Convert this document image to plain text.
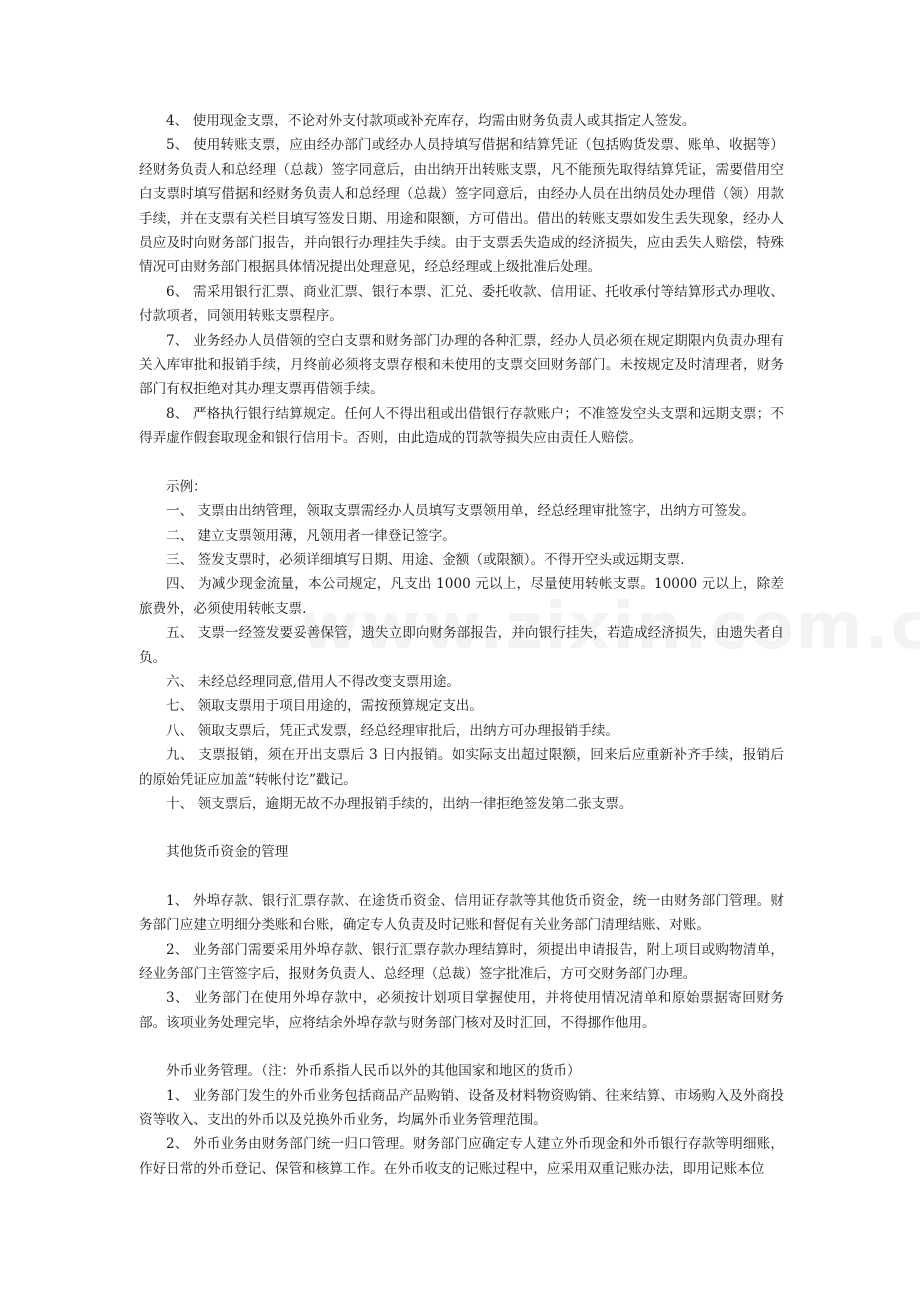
4、 使用现金支票，不论对外支付款项或补充库存，均需由财务负责人或其指定人签发。

5、 使用转账支票，应由经办部门或经办人员持填写借据和结算凭证（包括购货发票、账单、收据等）经财务负责人和总经理（总裁）签字同意后，由出纳开出转账支票，凡不能预先取得结算凭证，需要借用空白支票时填写借据和经财务负责人和总经理（总裁）签字同意后，由经办人员在出纳员处办理借（领）用款手续，并在支票有关栏目填写签发日期、用途和限额，方可借出。借出的转账支票如发生丢失现象，经办人员应及时向财务部门报告，并向银行办理挂失手续。由于支票丢失造成的经济损失，应由丢失人赔偿，特殊情况可由财务部门根据具体情况提出处理意见，经总经理或上级批准后处理。

6、 需采用银行汇票、商业汇票、银行本票、汇兑、委托收款、信用证、托收承付等结算形式办理收、付款项者，同领用转账支票程序。

7、 业务经办人员借领的空白支票和财务部门办理的各种汇票，经办人员必须在规定期限内负责办理有关入库审批和报销手续，月终前必须将支票存根和未使用的支票交回财务部门。未按规定及时清理者，财务部门有权拒绝对其办理支票再借领手续。

8、 严格执行银行结算规定。任何人不得出租或出借银行存款账户；不准签发空头支票和远期支票；不得弄虚作假套取现金和银行信用卡。否则，由此造成的罚款等损失应由责任人赔偿。

示例：

一、 支票由出纳管理，领取支票需经办人员填写支票领用单，经总经理审批签字，出纳方可签发。

二、 建立支票领用薄，凡领用者一律登记签字。

三、 签发支票时，必须详细填写日期、用途、金额（或限额）。不得开空头或远期支票.

四、 为减少现金流量，本公司规定，凡支出 1000 元以上，尽量使用转帐支票。10000 元以上，除差旅费外，必须使用转帐支票.

五、 支票一经签发要妥善保管，遗失立即向财务部报告，并向银行挂失，若造成经济损失，由遗失者自负。

六、 未经总经理同意,借用人不得改变支票用途。

七、 领取支票用于项目用途的，需按预算规定支出。

八、 领取支票后，凭正式发票，经总经理审批后，出纳方可办理报销手续。

九、 支票报销，须在开出支票后 3 日内报销。如实际支出超过限额，回来后应重新补齐手续，报销后的原始凭证应加盖“转帐付讫”戳记。

十、 领支票后，逾期无故不办理报销手续的，出纳一律拒绝签发第二张支票。

其他货币资金的管理

1、 外埠存款、银行汇票存款、在途货币资金、信用证存款等其他货币资金，统一由财务部门管理。财务部门应建立明细分类账和台账，确定专人负责及时记账和督促有关业务部门清理结账、对账。

2、 业务部门需要采用外埠存款、银行汇票存款办理结算时，须提出申请报告，附上项目或购物清单，经业务部门主管签字后，报财务负责人、总经理（总裁）签字批准后，方可交财务部门办理。

3、 业务部门在使用外埠存款中，必须按计划项目掌握使用，并将使用情况清单和原始票据寄回财务部。该项业务处理完毕，应将结余外埠存款与财务部门核对及时汇回，不得挪作他用。

外币业务管理。（注：外币系指人民币以外的其他国家和地区的货币）

1、 业务部门发生的外币业务包括商品产品购销、设备及材料物资购销、往来结算、市场购入及外商投资等收入、支出的外币以及兑换外币业务，均属外币业务管理范围。

2、 外币业务由财务部门统一归口管理。财务部门应确定专人建立外币现金和外币银行存款等明细账，作好日常的外币登记、保管和核算工作。在外币收支的记账过程中，应采用双重记账办法，即用记账本位
